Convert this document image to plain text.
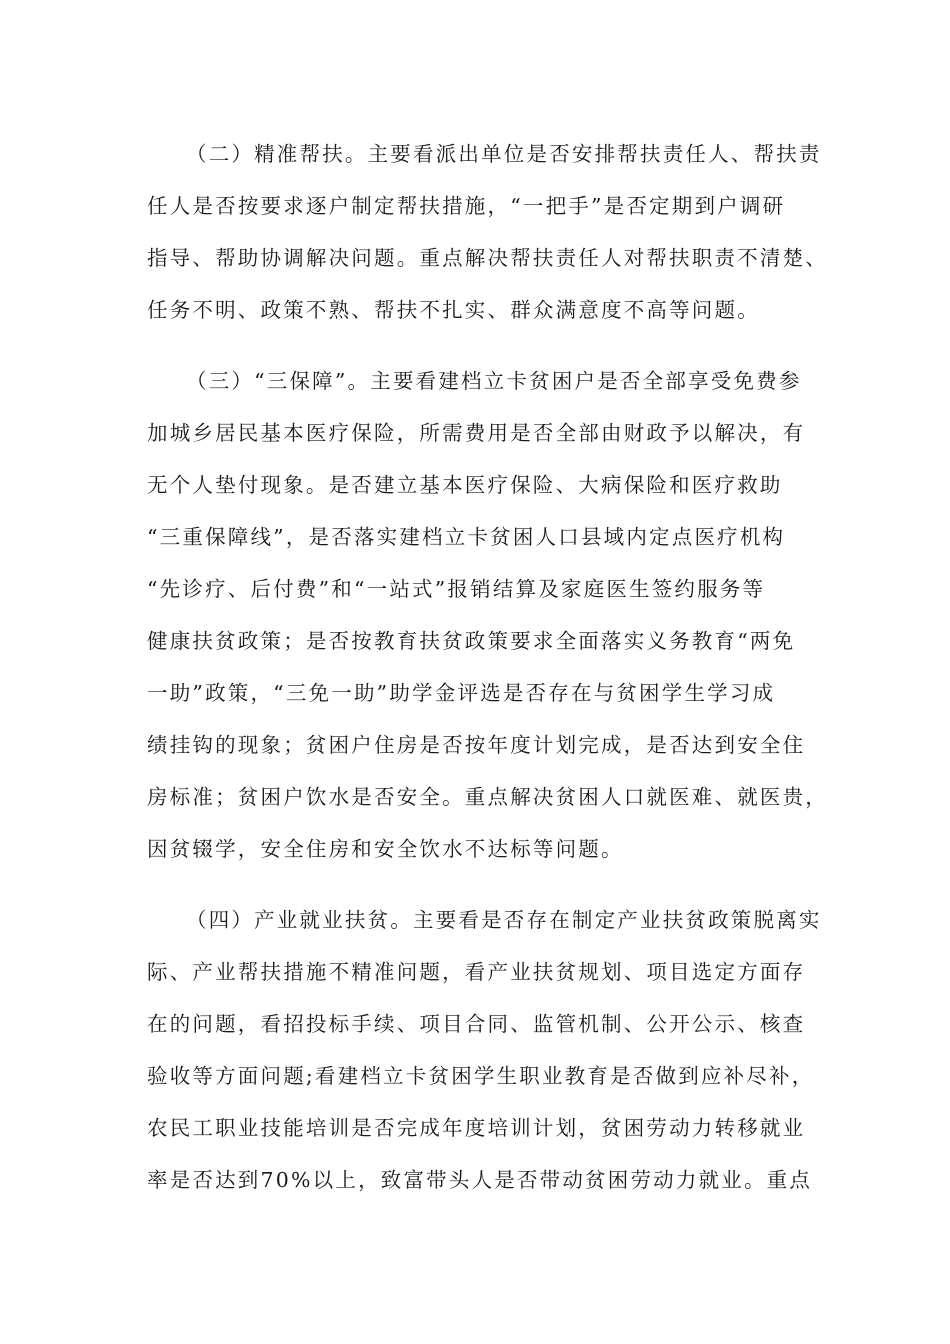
（二）精准帮扶。主要看派出单位是否安排帮扶责任人、帮扶责
任人是否按要求逐户制定帮扶措施，“一把手”是否定期到户调研
指导、帮助协调解决问题。重点解决帮扶责任人对帮扶职责不清楚、
任务不明、政策不熟、帮扶不扎实、群众满意度不高等问题。
（三）“三保障”。主要看建档立卡贫困户是否全部享受免费参
加城乡居民基本医疗保险，所需费用是否全部由财政予以解决，有
无个人垫付现象。是否建立基本医疗保险、大病保险和医疗救助
“三重保障线”，是否落实建档立卡贫困人口县域内定点医疗机构
“先诊疗、后付费”和“一站式”报销结算及家庭医生签约服务等
健康扶贫政策；是否按教育扶贫政策要求全面落实义务教育“两免
一助”政策，“三免一助”助学金评选是否存在与贫困学生学习成
绩挂钩的现象；贫困户住房是否按年度计划完成，是否达到安全住
房标准；贫困户饮水是否安全。重点解决贫困人口就医难、就医贵，
因贫辍学，安全住房和安全饮水不达标等问题。
（四）产业就业扶贫。主要看是否存在制定产业扶贫政策脱离实
际、产业帮扶措施不精准问题，看产业扶贫规划、项目选定方面存
在的问题，看招投标手续、项目合同、监管机制、公开公示、核查
验收等方面问题;看建档立卡贫困学生职业教育是否做到应补尽补，
农民工职业技能培训是否完成年度培训计划，贫困劳动力转移就业
率是否达到70%以上，致富带头人是否带动贫困劳动力就业。重点
